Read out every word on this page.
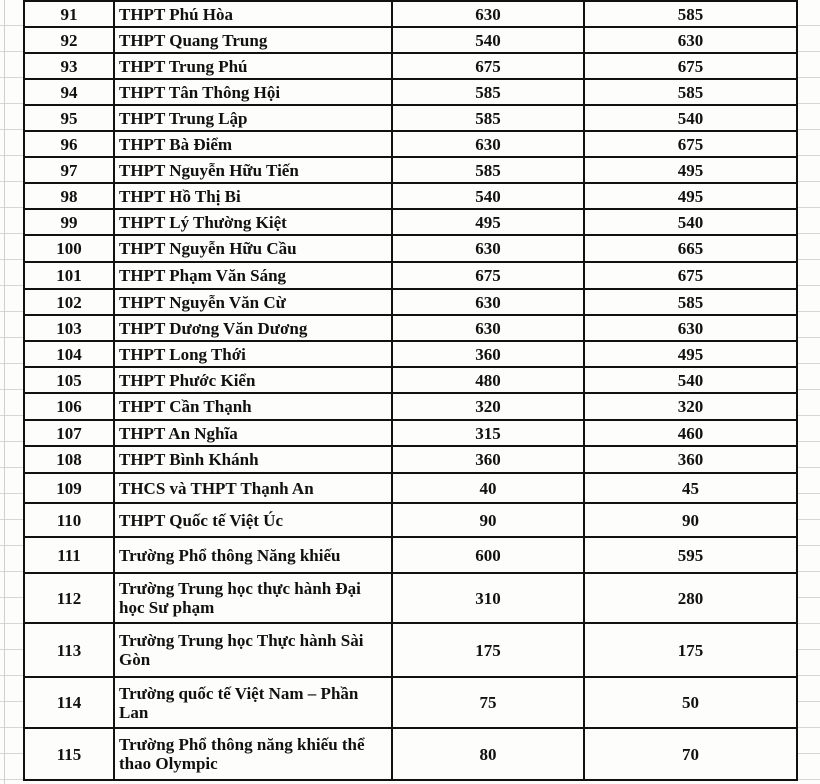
91	THPT Phú Hòa	630	585
92	THPT Quang Trung	540	630
93	THPT Trung Phú	675	675
94	THPT Tân Thông Hội	585	585
95	THPT Trung Lập	585	540
96	THPT Bà Điểm	630	675
97	THPT Nguyễn Hữu Tiến	585	495
98	THPT Hồ Thị Bi	540	495
99	THPT Lý Thường Kiệt	495	540
100	THPT Nguyễn Hữu Cầu	630	665
101	THPT Phạm Văn Sáng	675	675
102	THPT Nguyễn Văn Cừ	630	585
103	THPT Dương Văn Dương	630	630
104	THPT Long Thới	360	495
105	THPT Phước Kiển	480	540
106	THPT Cần Thạnh	320	320
107	THPT An Nghĩa	315	460
108	THPT Bình Khánh	360	360
109	THCS và THPT Thạnh An	40	45
110	THPT Quốc tế Việt Úc	90	90
111	Trường Phổ thông Năng khiếu	600	595
112	Trường Trung học thực hành Đại học Sư phạm	310	280
113	Trường Trung học Thực hành Sài Gòn	175	175
114	Trường quốc tế Việt Nam – Phần Lan	75	50
115	Trường Phổ thông năng khiếu thể thao Olympic	80	70
